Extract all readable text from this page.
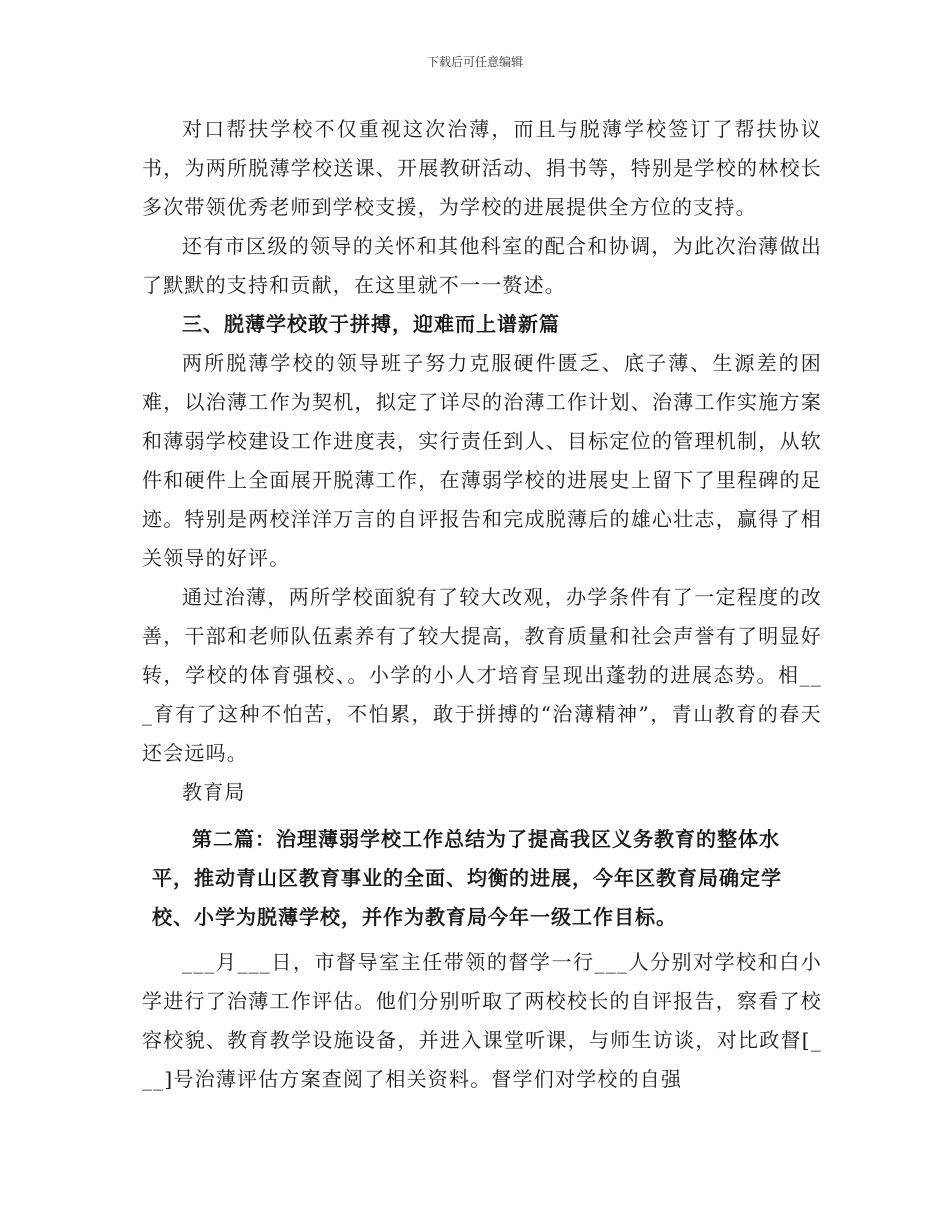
下载后可任意编辑

对口帮扶学校不仅重视这次治薄，而且与脱薄学校签订了帮扶协议书，为两所脱薄学校送课、开展教研活动、捐书等，特别是学校的林校长多次带领优秀老师到学校支援，为学校的进展提供全方位的支持。

还有市区级的领导的关怀和其他科室的配合和协调，为此次治薄做出了默默的支持和贡献，在这里就不一一赘述。

三、脱薄学校敢于拼搏，迎难而上谱新篇

两所脱薄学校的领导班子努力克服硬件匮乏、底子薄、生源差的困难，以治薄工作为契机，拟定了详尽的治薄工作计划、治薄工作实施方案和薄弱学校建设工作进度表，实行责任到人、目标定位的管理机制，从软件和硬件上全面展开脱薄工作，在薄弱学校的进展史上留下了里程碑的足迹。特别是两校洋洋万言的自评报告和完成脱薄后的雄心壮志，赢得了相关领导的好评。

通过治薄，两所学校面貌有了较大改观，办学条件有了一定程度的改善，干部和老师队伍素养有了较大提高，教育质量和社会声誉有了明显好转，学校的体育强校、。小学的小人才培育呈现出蓬勃的进展态势。相___育有了这种不怕苦，不怕累，敢于拼搏的“治薄精神”，青山教育的春天还会远吗。

教育局

第二篇：治理薄弱学校工作总结为了提高我区义务教育的整体水平，推动青山区教育事业的全面、均衡的进展，今年区教育局确定学校、小学为脱薄学校，并作为教育局今年一级工作目标。

___月___日，市督导室主任带领的督学一行___人分别对学校和白小学进行了治薄工作评估。他们分别听取了两校校长的自评报告，察看了校容校貌、教育教学设施设备，并进入课堂听课，与师生访谈，对比政督[___]号治薄评估方案查阅了相关资料。督学们对学校的自强
